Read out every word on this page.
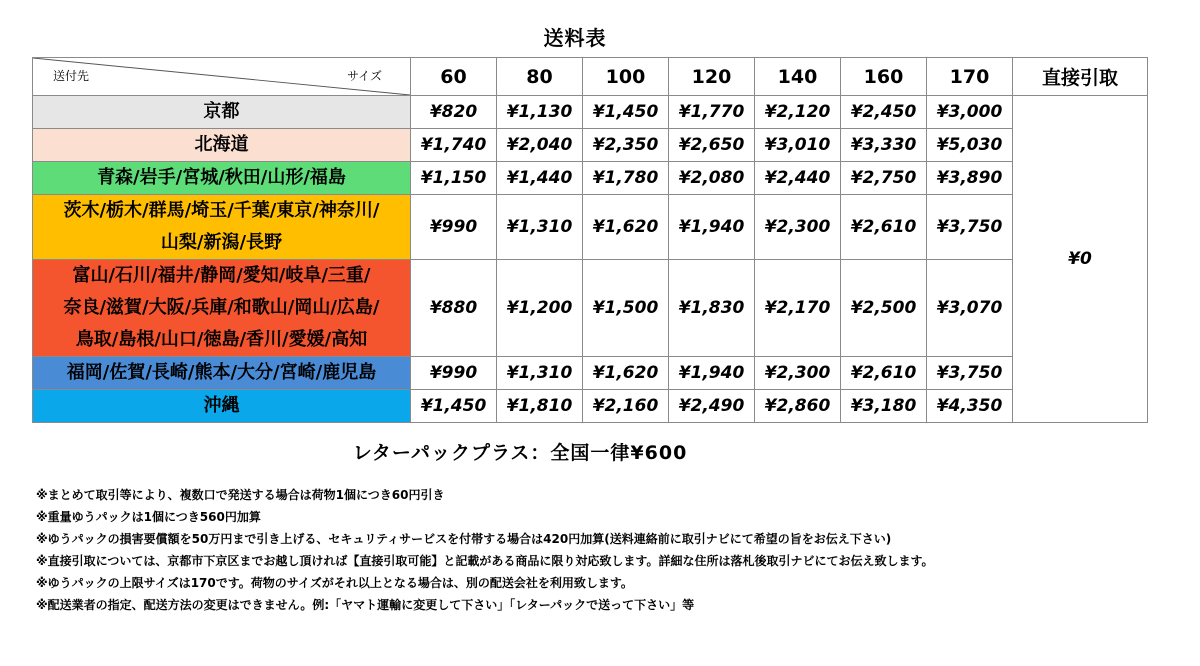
送料表
送付先 サイズ	60	80	100	120	140	160	170	直接引取
京都	¥820	¥1,130	¥1,450	¥1,770	¥2,120	¥2,450	¥3,000	¥0
北海道	¥1,740	¥2,040	¥2,350	¥2,650	¥3,010	¥3,330	¥5,030	
青森/岩手/宮城/秋田/山形/福島	¥1,150	¥1,440	¥1,780	¥2,080	¥2,440	¥2,750	¥3,890	

茨木/栃木/群馬/埼玉/千葉/東京/神奈川/
山梨/新潟/長野	¥990	¥1,310	¥1,620	¥1,940	¥2,300	¥2,610	¥3,750	

富山/石川/福井/静岡/愛知/岐阜/三重/
奈良/滋賀/大阪/兵庫/和歌山/岡山/広島/
鳥取/島根/山口/徳島/香川/愛媛/高知	¥880	¥1,200	¥1,500	¥1,830	¥2,170	¥2,500	¥3,070	
福岡/佐賀/長崎/熊本/大分/宮崎/鹿児島	¥990	¥1,310	¥1,620	¥1,940	¥2,300	¥2,610	¥3,750	
沖縄	¥1,450	¥1,810	¥2,160	¥2,490	¥2,860	¥3,180	¥4,350	
レターパックプラス：全国一律¥600
※まとめて取引等により、複数口で発送する場合は荷物1個につき60円引き
※重量ゆうパックは1個につき560円加算
※ゆうパックの損害要償額を50万円まで引き上げる、セキュリティサービスを付帯する場合は420円加算(送料連絡前に取引ナビにて希望の旨をお伝え下さい)
※直接引取については、京都市下京区までお越し頂ければ【直接引取可能】と記載がある商品に限り対応致します。詳細な住所は落札後取引ナビにてお伝え致します。
※ゆうパックの上限サイズは170です。荷物のサイズがそれ以上となる場合は、別の配送会社を利用致します。
※配送業者の指定、配送方法の変更はできません。例:「ヤマト運輸に変更して下さい」「レターパックで送って下さい」等
